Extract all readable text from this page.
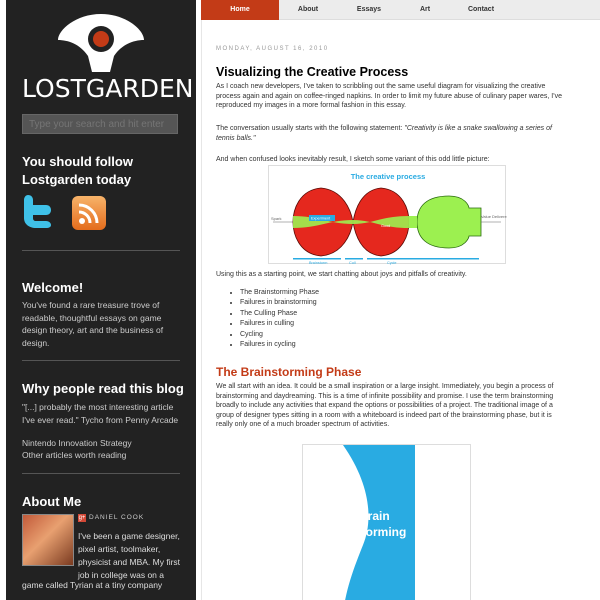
LOSTGARDEN
Type your search and hit enter
You should follow Lostgarden today
Welcome!
You've found a rare treasure trove of readable, thoughtful essays on game design theory, art and the business of design.
Why people read this blog
"[...] probably the most interesting article I've ever read." Tycho from Penny Arcade
Nintendo Innovation Strategy
Other articles worth reading
About Me
g+ DANIEL COOK
I've been a game designer, pixel artist, toolmaker, physicist and MBA. My first job in college was on a
game called Tyrian at a tiny company
Home	About	Essays	Art	Contact
MONDAY, AUGUST 16, 2010
Visualizing the Creative Process
As I coach new developers, I've taken to scribbling out the same useful diagram for visualizing the creative process again and again on coffee-ringed napkins. In order to limit my future abuse of culinary paper wares, I've reproduced my images in a more formal fashion in this essay.
The conversation usually starts with the following statement: "Creativity is like a snake swallowing a series of tennis balls."
And when confused looks inevitably result, I sketch some variant of this odd little picture:
The creative process
Spark	Experiment
Good
Value Delivered
Brainstorm	Cull	Cycle
Using this as a starting point, we start chatting about joys and pitfalls of creativity.
• The Brainstorming Phase
• Failures in brainstorming
• The Culling Phase
• Failures in culling
• Cycling
• Failures in cycling
The Brainstorming Phase
We all start with an idea. It could be a small inspiration or a large insight. Immediately, you begin a process of brainstorming and daydreaming. This is a time of infinite possibility and promise. I use the term brainstorming broadly to include any activities that expand the options or possibilities of a project. The traditional image of a group of designer types sitting in a room with a whiteboard is indeed part of the brainstorming phase, but it is really only one of a much broader spectrum of activities.
Brain storming
